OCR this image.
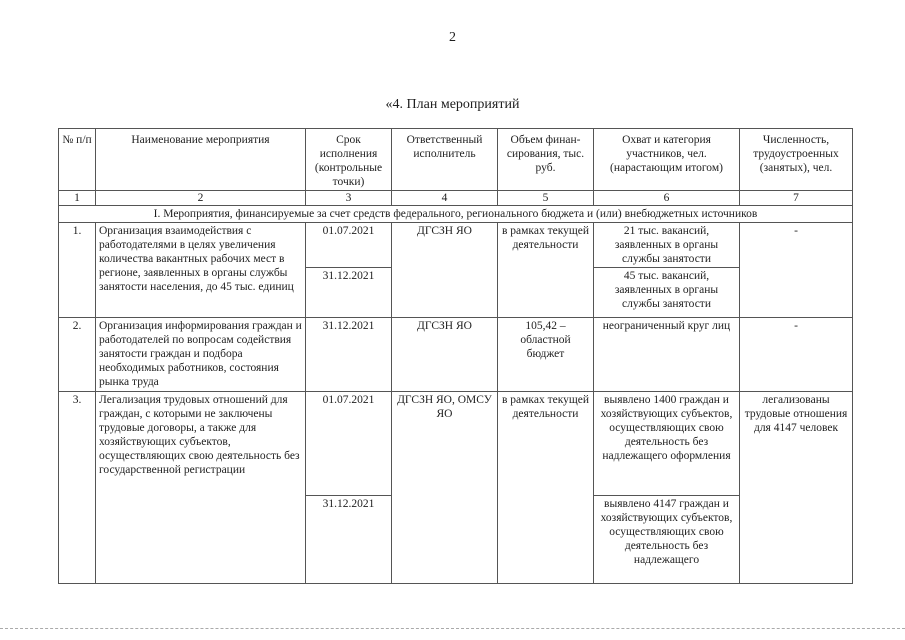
2
«4. План мероприятий
№ п/п	Наименование мероприятия	Срок исполнения (контрольные точки)	Ответственный исполнитель	Объем финан-сирования, тыс. руб.	Охват и категория участников, чел. (нарастающим итогом)	Численность, трудоустроенных (занятых), чел.
1	2	3	4	5	6	7
I. Мероприятия, финансируемые за счет средств федерального, регионального бюджета и (или) внебюджетных источников						
1.	Организация взаимодействия с работодателями в целях увеличения количества вакантных рабочих мест в регионе, заявленных в органы службы занятости населения, до 45 тыс. единиц	01.07.2021	ДГСЗН ЯО	в рамках текущей деятельности	21 тыс. вакансий, заявленных в органы службы занятости	-
		31.12.2021			45 тыс. вакансий, заявленных в органы службы занятости	
2.	Организация информирования граждан и работодателей по вопросам содействия занятости граждан и подбора необходимых работников, состояния рынка труда	31.12.2021	ДГСЗН ЯО	105,42 – областной бюджет	неограниченный круг лиц	-
3.	Легализация трудовых отношений для граждан, с которыми не заключены трудовые договоры, а также для хозяйствующих субъектов, осуществляющих свою деятельность без государственной регистрации	01.07.2021	ДГСЗН ЯО, ОМСУ ЯО	в рамках текущей деятельности	выявлено 1400 граждан и хозяйствующих субъектов, осуществляющих свою деятельность без надлежащего оформления	легализованы трудовые отношения для 4147 человек
		31.12.2021			выявлено 4147 граждан и хозяйствующих субъектов, осуществляющих свою деятельность без надлежащего	
